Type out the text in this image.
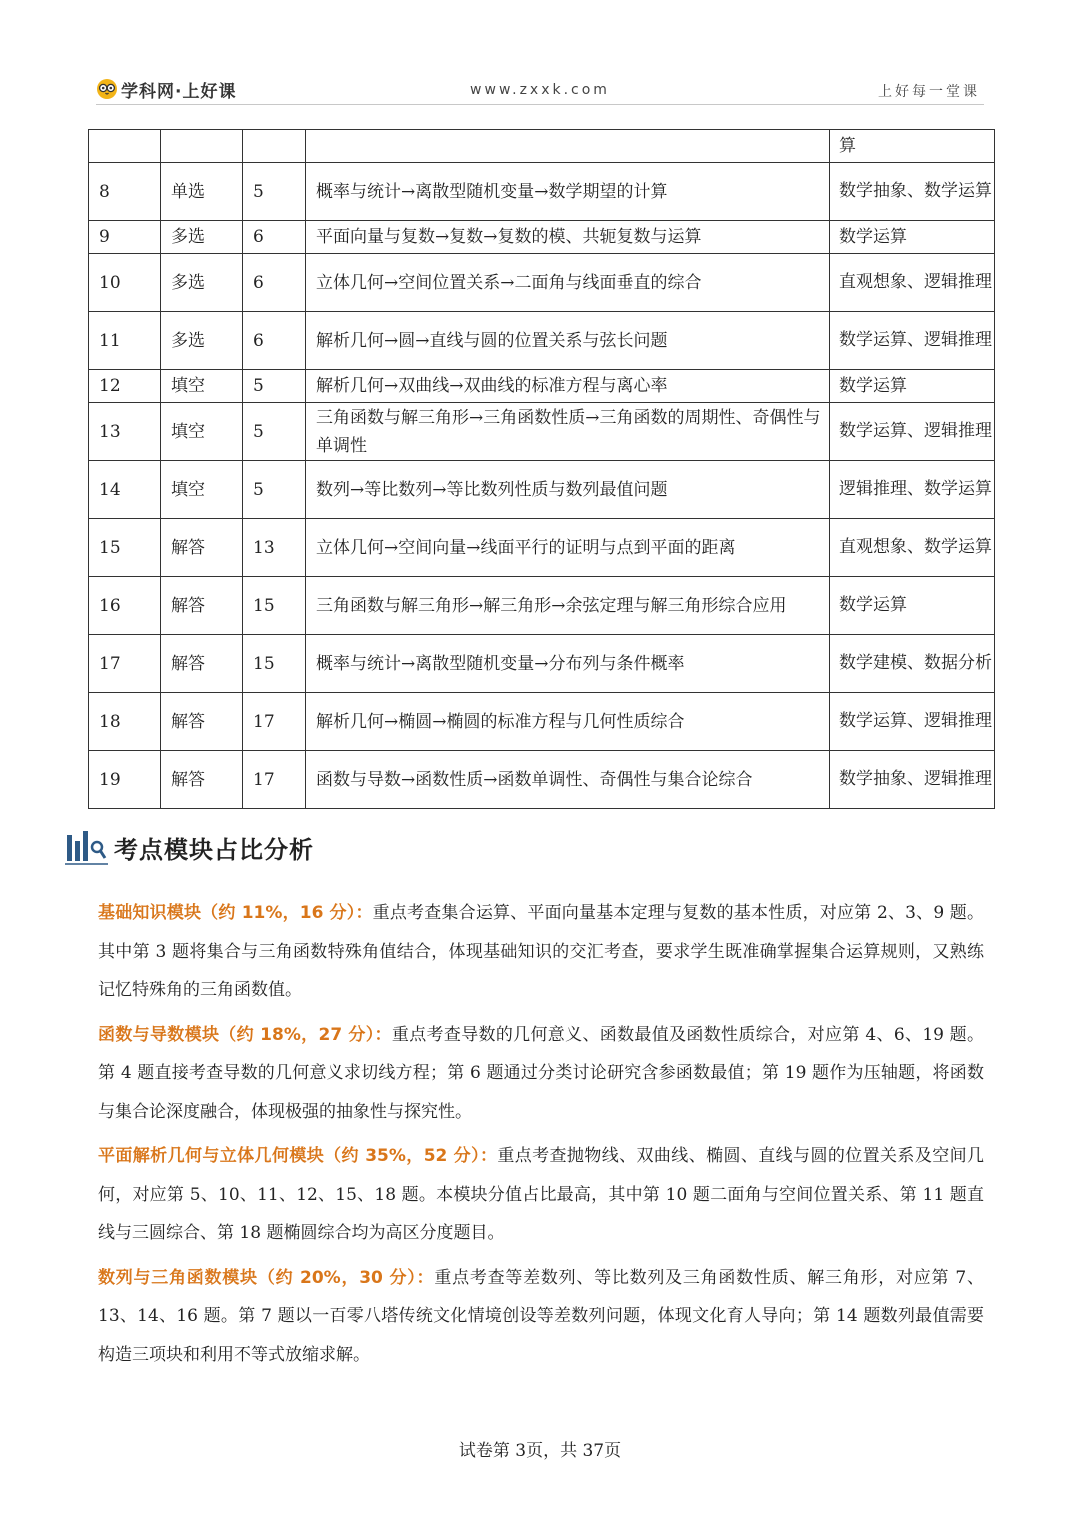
学科网·上好课	www.zxxk.com	上好每一堂课
				算
8	单选	5	概率与统计→离散型随机变量→数学期望的计算	数学抽象、数学运算
9	多选	6	平面向量与复数→复数→复数的模、共轭复数与运算	数学运算
10	多选	6	立体几何→空间位置关系→二面角与线面垂直的综合	直观想象、逻辑推理
11	多选	6	解析几何→圆→直线与圆的位置关系与弦长问题	数学运算、逻辑推理
12	填空	5	解析几何→双曲线→双曲线的标准方程与离心率	数学运算
13	填空	5	三角函数与解三角形→三角函数性质→三角函数的周期性、奇偶性与单调性	数学运算、逻辑推理
14	填空	5	数列→等比数列→等比数列性质与数列最值问题	逻辑推理、数学运算
15	解答	13	立体几何→空间向量→线面平行的证明与点到平面的距离	直观想象、数学运算
16	解答	15	三角函数与解三角形→解三角形→余弦定理与解三角形综合应用	数学运算
17	解答	15	概率与统计→离散型随机变量→分布列与条件概率	数学建模、数据分析
18	解答	17	解析几何→椭圆→椭圆的标准方程与几何性质综合	数学运算、逻辑推理
19	解答	17	函数与导数→函数性质→函数单调性、奇偶性与集合论综合	数学抽象、逻辑推理
考点模块占比分析

基础知识模块（约 11%，16 分）：重点考查集合运算、平面向量基本定理与复数的基本性质，对应第 2、3、9 题。其中第 3 题将集合与三角函数特殊角值结合，体现基础知识的交汇考查，要求学生既准确掌握集合运算规则，又熟练记忆特殊角的三角函数值。

函数与导数模块（约 18%，27 分）：重点考查导数的几何意义、函数最值及函数性质综合，对应第 4、6、19 题。第 4 题直接考查导数的几何意义求切线方程；第 6 题通过分类讨论研究含参函数最值；第 19 题作为压轴题，将函数与集合论深度融合，体现极强的抽象性与探究性。

平面解析几何与立体几何模块（约 35%，52 分）：重点考查抛物线、双曲线、椭圆、直线与圆的位置关系及空间几何，对应第 5、10、11、12、15、18 题。本模块分值占比最高，其中第 10 题二面角与空间位置关系、第 11 题直线与三圆综合、第 18 题椭圆综合均为高区分度题目。

数列与三角函数模块（约 20%，30 分）：重点考查等差数列、等比数列及三角函数性质、解三角形，对应第 7、13、14、16 题。第 7 题以一百零八塔传统文化情境创设等差数列问题，体现文化育人导向；第 14 题数列最值需要构造三项块和利用不等式放缩求解。

试卷第 3页，共 37页
